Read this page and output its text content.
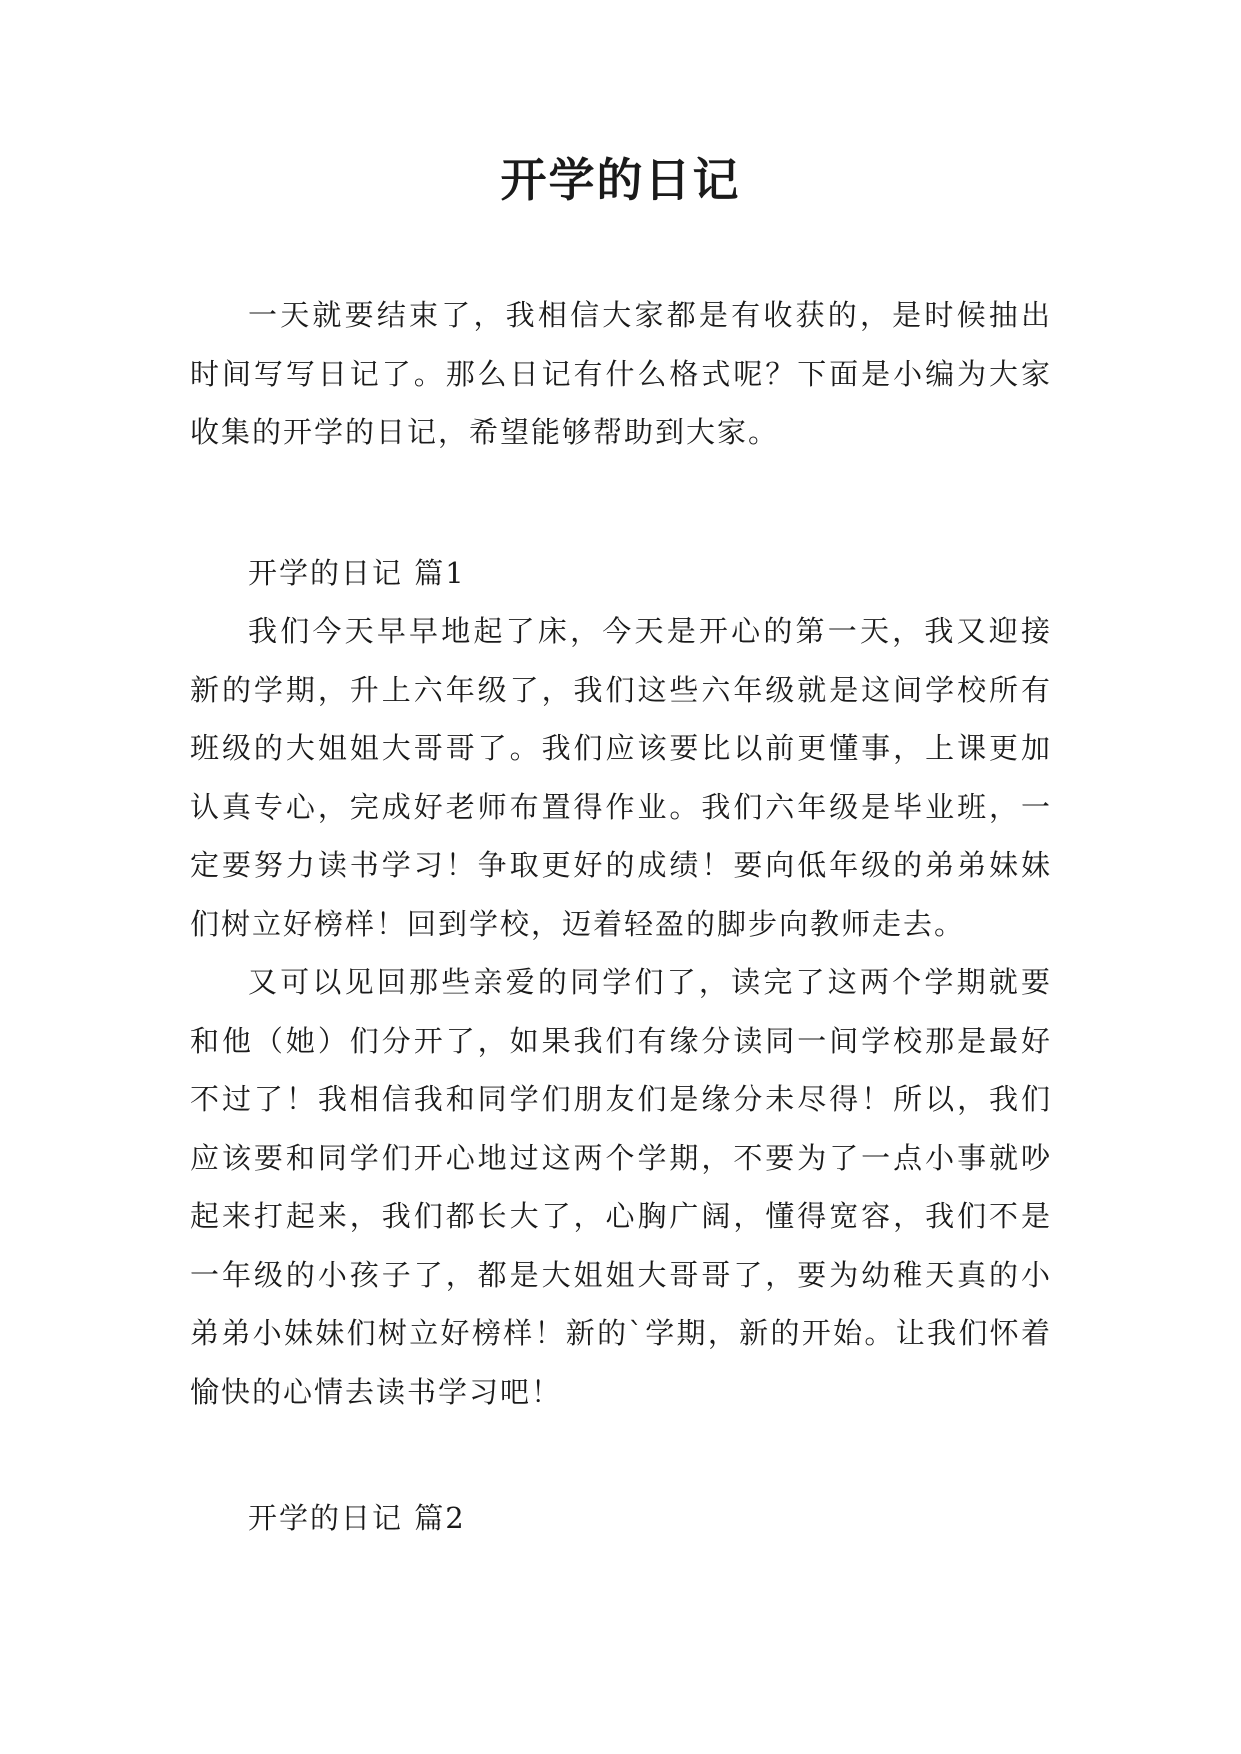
开学的日记

一天就要结束了，我相信大家都是有收获的，是时候抽出时间写写日记了。那么日记有什么格式呢？下面是小编为大家收集的开学的日记，希望能够帮助到大家。

开学的日记 篇1

我们今天早早地起了床，今天是开心的第一天，我又迎接新的学期，升上六年级了，我们这些六年级就是这间学校所有班级的大姐姐大哥哥了。我们应该要比以前更懂事，上课更加认真专心，完成好老师布置得作业。我们六年级是毕业班，一定要努力读书学习！争取更好的成绩！要向低年级的弟弟妹妹们树立好榜样！回到学校，迈着轻盈的脚步向教师走去。

又可以见回那些亲爱的同学们了，读完了这两个学期就要和他（她）们分开了，如果我们有缘分读同一间学校那是最好不过了！我相信我和同学们朋友们是缘分未尽得！所以，我们应该要和同学们开心地过这两个学期，不要为了一点小事就吵起来打起来，我们都长大了，心胸广阔，懂得宽容，我们不是一年级的小孩子了，都是大姐姐大哥哥了，要为幼稚天真的小弟弟小妹妹们树立好榜样！新的`学期，新的开始。让我们怀着愉快的心情去读书学习吧！

开学的日记 篇2
